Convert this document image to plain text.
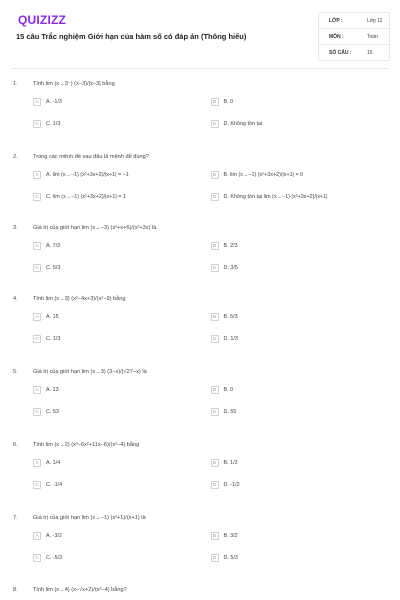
QUIZIZZ
15 câu Trắc nghiệm Giới hạn của hàm số có đáp án (Thông hiểu)
LỚP :	Lớp 11
MÔN :	Toán
SỐ CÂU :	15
1.	Tính lim (x→3⁻) (x−3)/|x−3| bằng
A	A. -1/3	B	B. 0
C	C. 1/3	D	D. Không tồn tại
2.	Trong các mệnh đề sau đâu là mệnh đề đúng?
A	A. lim (x→−1) (x²+3x+2)/|x+1| = −1	B	B. lim (x→−1) (x²+3x+2)/|x+1| = 0
C	C. lim (x→−1) (x²+3x+2)/|x+1| = 1	D	D. Không tồn tại lim (x→−1) (x²+3x+2)/|x+1|
3.	Giá trị của giới hạn lim (x→−3) (x²+x+6)/(x²+3x) là
A	A. 7/3	B	B. 2/3
C	C. 5/3	D	D. 3/5
4.	Tính lim (x→3) (x²−4x+3)/(x²−9) bằng
A	A. 15	B	B. 5/3
C	C. 1/3	D	D. 1/3
5.	Giá trị của giới hạn lim (x→3) (3−x)/(√27−x) là
A	A. 13	B	B. 0
C	C. 53	D	D. 55
6.	Tính lim (x→2) (x³−6x²+11x−6)/(x²−4) bằng
A	A. 1/4	B	B. 1/2
C	C. -1/4	D	D. -1/2
7.	Giá trị của giới hạn lim (x→−1) (x²+1)/(x+1) là
A	A. -3/2	B	B. 3/2
C	C. -5/3	D	D. 5/3
8.	Tính lim (x→4) (x−√x+2)/(x²−4) bằng?
